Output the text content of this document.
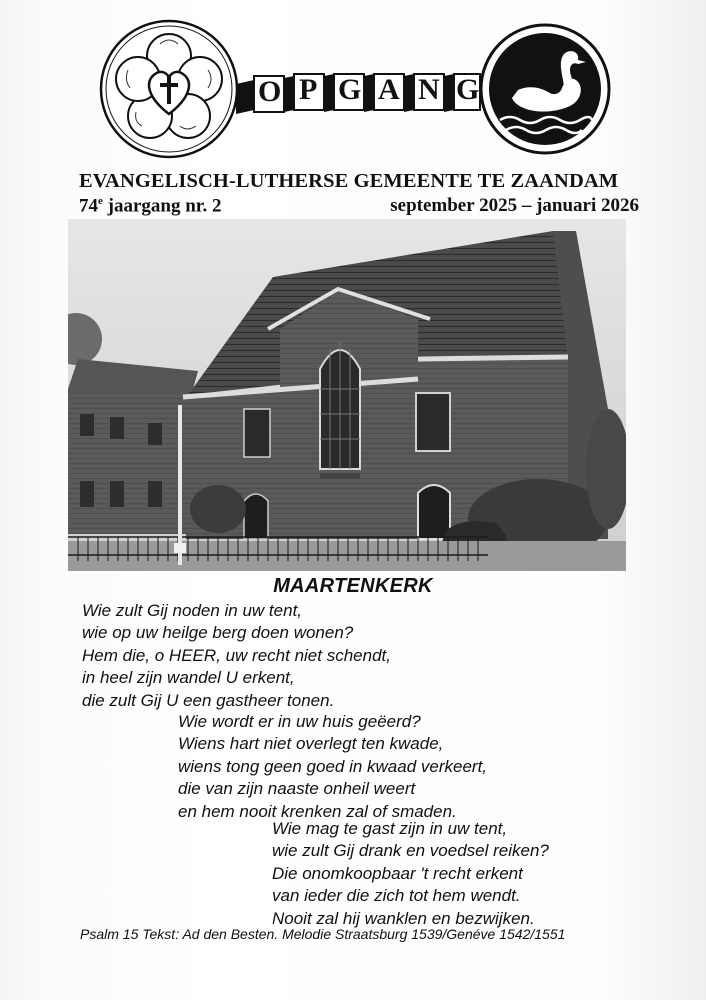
O P G A N G
EVANGELISCH-LUTHERSE GEMEENTE TE ZAANDAM
74e jaargang nr. 2	september 2025 – januari 2026
MAARTENKERK
Wie zult Gij noden in uw tent,
wie op uw heilge berg doen wonen?
Hem die, o HEER, uw recht niet schendt,
in heel zijn wandel U erkent,
die zult Gij U een gastheer tonen.
Wie wordt er in uw huis geëerd?
Wiens hart niet overlegt ten kwade,
wiens tong geen goed in kwaad verkeert,
die van zijn naaste onheil weert
en hem nooit krenken zal of smaden.
Wie mag te gast zijn in uw tent,
wie zult Gij drank en voedsel reiken?
Die onomkoopbaar 't recht erkent
van ieder die zich tot hem wendt.
Nooit zal hij wanklen en bezwijken.
Psalm 15 Tekst: Ad den Besten. Melodie Straatsburg 1539/Genéve 1542/1551
